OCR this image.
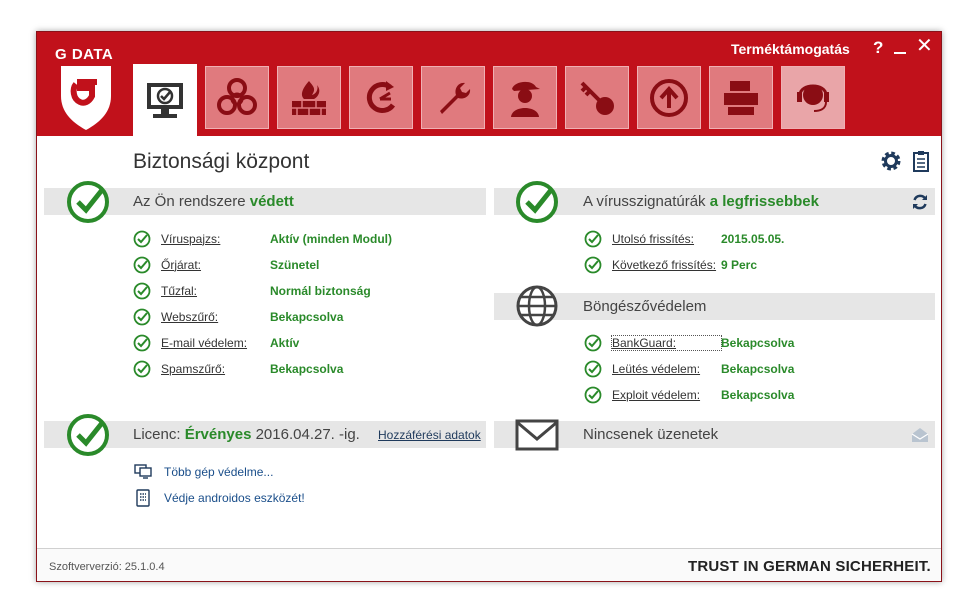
G DATA	Terméktámogatás ? ✕
Biztonsági központ
Az Ön rendszere védett
Víruspajzs:	Aktív (minden Modul)
Őrjárat:	Szünetel
Tűzfal:	Normál biztonság
Webszűrő:	Bekapcsolva
E-mail védelem:	Aktív
Spamszűrő:	Bekapcsolva
Licenc: Érvényes 2016.04.27. -ig. Hozzáférési adatok
Több gép védelme...
Védje androidos eszközét!
A vírusszignatúrák a legfrissebbek
Utolsó frissítés:	2015.05.05.
Következő frissítés: 9 Perc
Böngészővédelem
BankGuard:	Bekapcsolva
Leütés védelem:	Bekapcsolva
Exploit védelem:	Bekapcsolva
Nincsenek üzenetek
Szoftververzió: 25.1.0.4	TRUST IN GERMAN SICHERHEIT.
